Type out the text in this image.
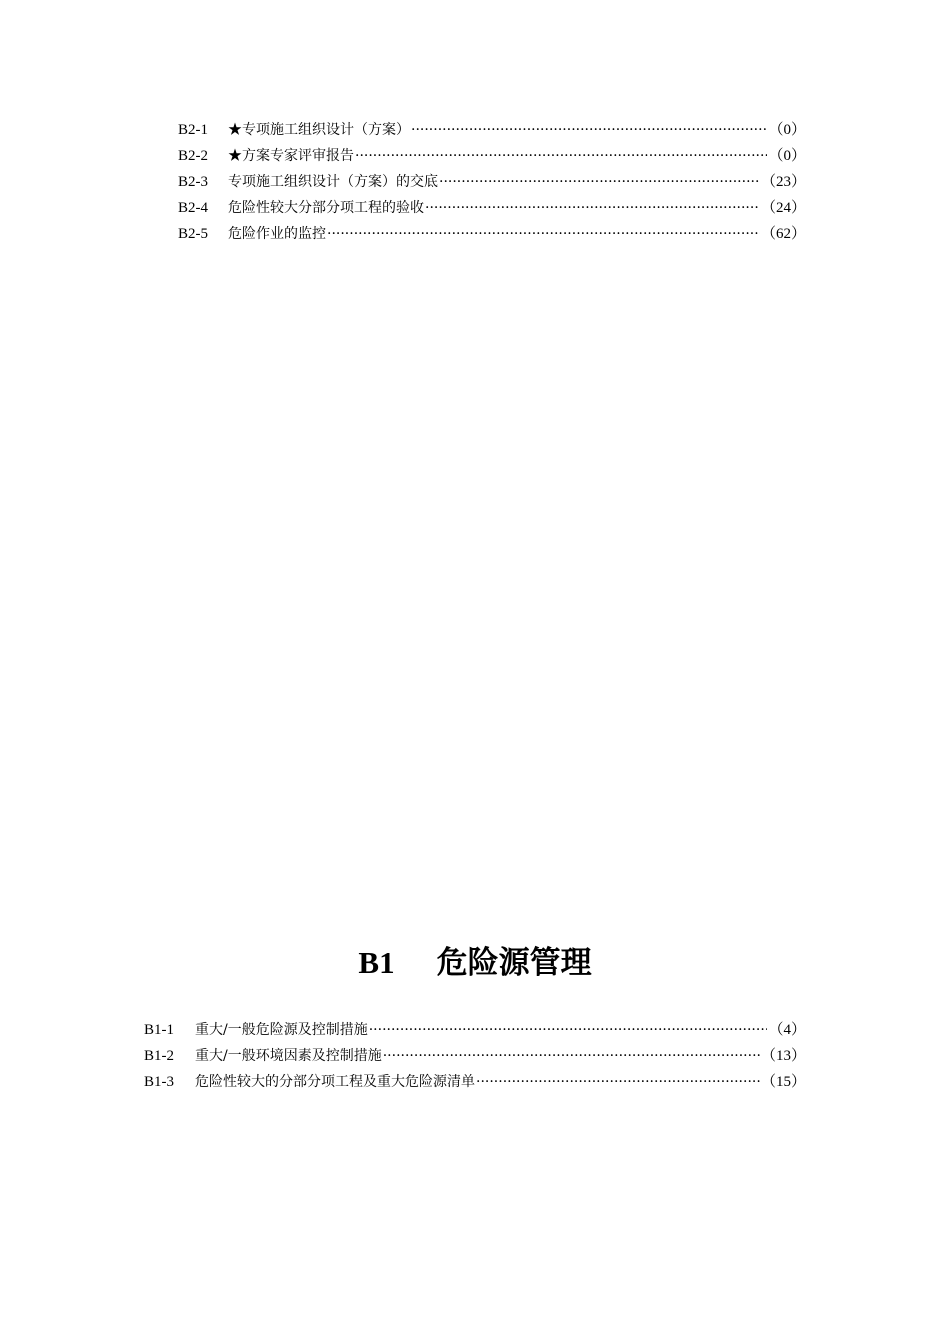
B2-1	★专项施工组织设计（方案） ·····	（0）
B2-2	★方案专家评审报告 ·····	（0）
B2-3	专项施工组织设计（方案）的交底 ·····	（23）
B2-4	危险性较大分部分项工程的验收 ·····	（24）
B2-5	危险作业的监控 ·····	（62）
B1 危险源管理
B1-1	重大/一般危险源及控制措施 ·····	（4）
B1-2	重大/一般环境因素及控制措施 ·····	（13）
B1-3	危险性较大的分部分项工程及重大危险源清单 ·····	（15）
